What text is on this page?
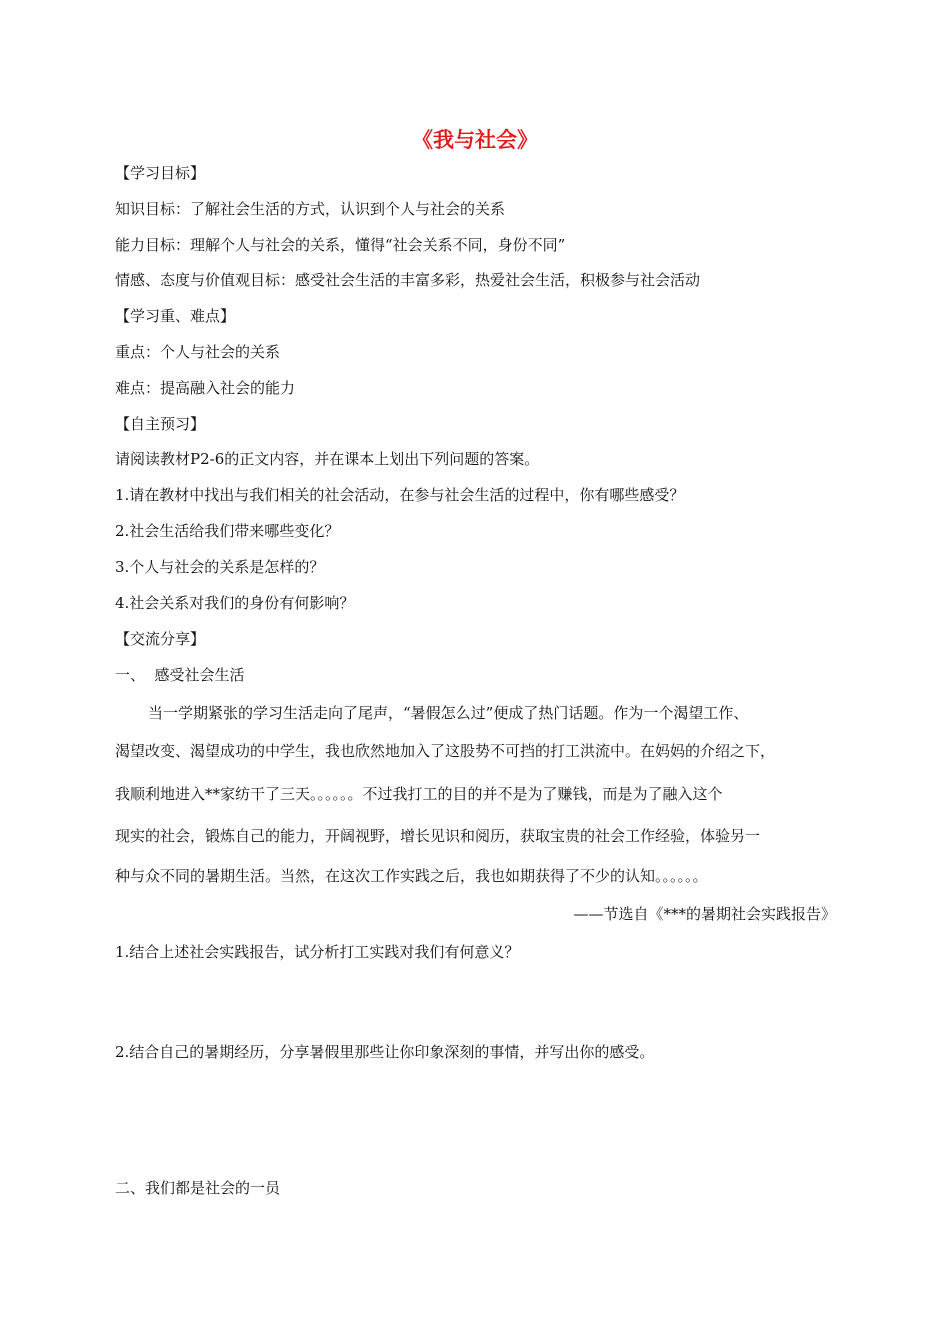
《我与社会》
【学习目标】
知识目标：了解社会生活的方式，认识到个人与社会的关系
能力目标：理解个人与社会的关系，懂得“社会关系不同，身份不同”
情感、态度与价值观目标：感受社会生活的丰富多彩，热爱社会生活，积极参与社会活动
【学习重、难点】
重点：个人与社会的关系
难点：提高融入社会的能力
【自主预习】
请阅读教材P2-6的正文内容，并在课本上划出下列问题的答案。
1.请在教材中找出与我们相关的社会活动，在参与社会生活的过程中，你有哪些感受？
2.社会生活给我们带来哪些变化？
3.个人与社会的关系是怎样的？
4.社会关系对我们的身份有何影响？
【交流分享】
一、  感受社会生活
当一学期紧张的学习生活走向了尾声，“暑假怎么过”便成了热门话题。作为一个渴望工作、
渴望改变、渴望成功的中学生，我也欣然地加入了这股势不可挡的打工洪流中。在妈妈的介绍之下，
我顺利地进入**家纺干了三天。。。。。。不过我打工的目的并不是为了赚钱，而是为了融入这个
现实的社会，锻炼自己的能力，开阔视野，增长见识和阅历，获取宝贵的社会工作经验，体验另一
种与众不同的暑期生活。当然，在这次工作实践之后，我也如期获得了不少的认知。。。。。。
——节选自《***的暑期社会实践报告》
1.结合上述社会实践报告，试分析打工实践对我们有何意义？
2.结合自己的暑期经历，分享暑假里那些让你印象深刻的事情，并写出你的感受。
二、我们都是社会的一员
